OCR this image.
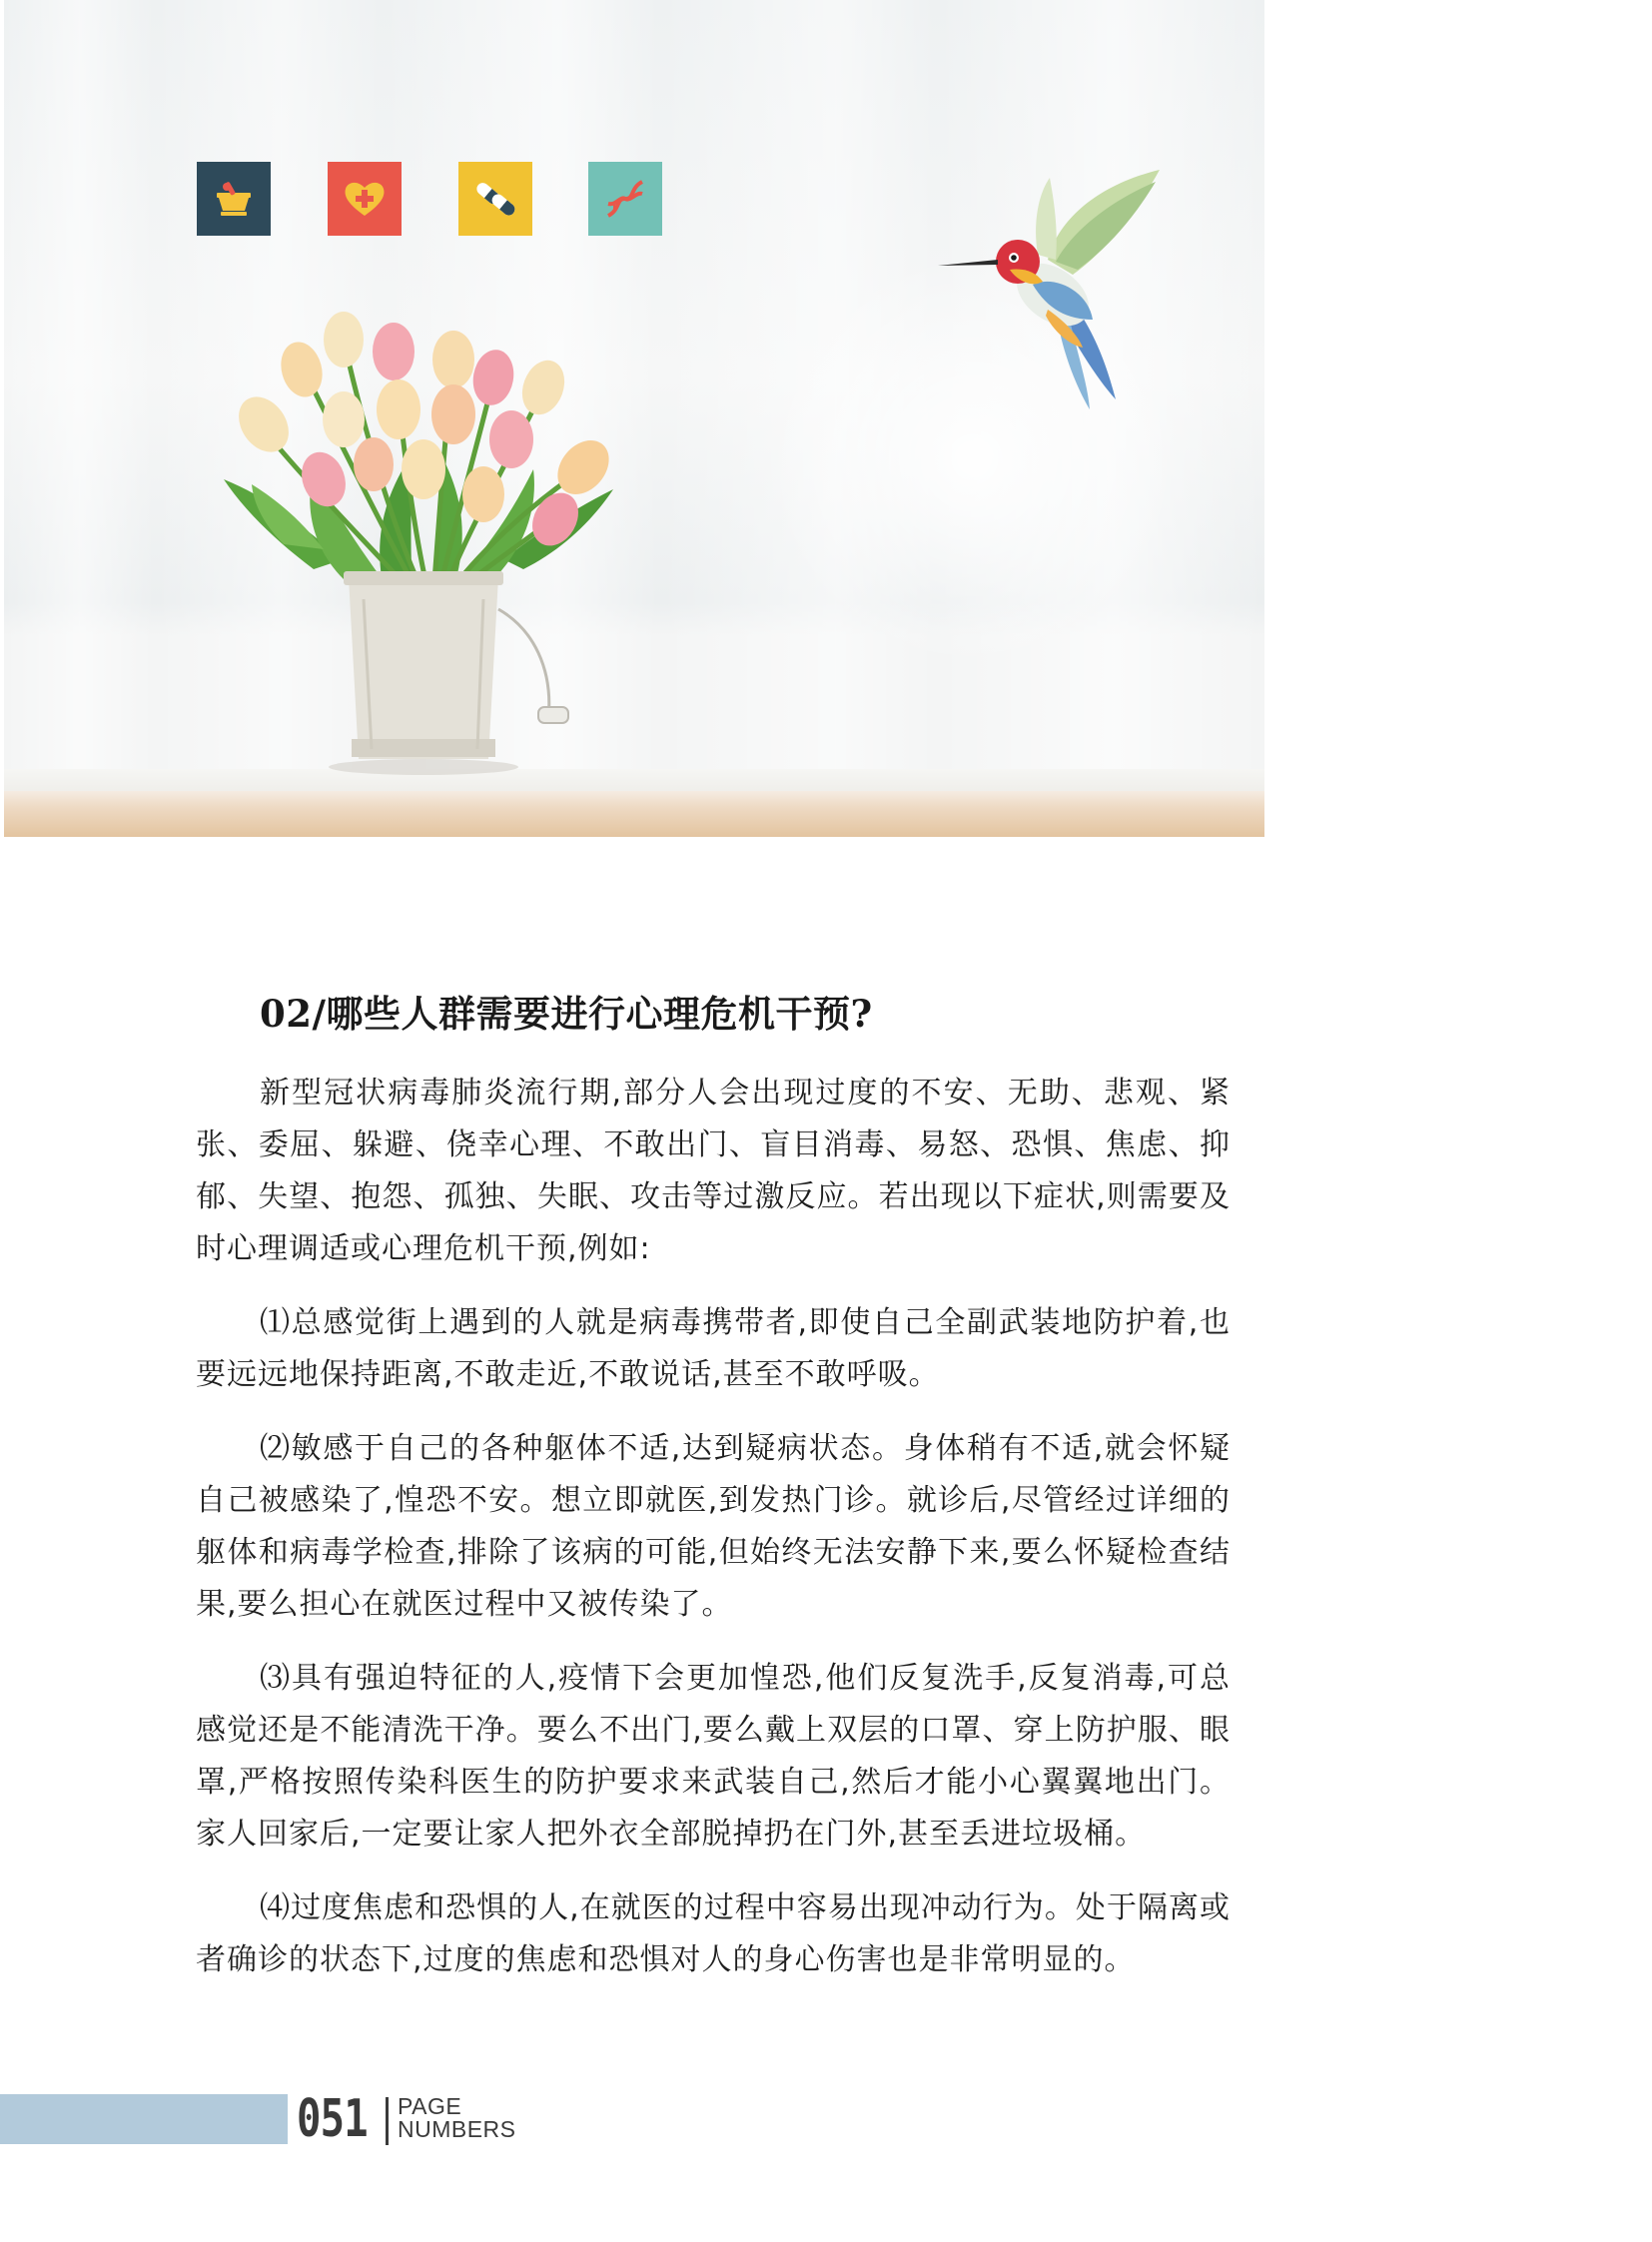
02/哪些人群需要进行心理危机干预?

新型冠状病毒肺炎流行期,部分人会出现过度的不安、无助、悲观、紧张、委屈、躲避、侥幸心理、不敢出门、盲目消毒、易怒、恐惧、焦虑、抑郁、失望、抱怨、孤独、失眠、攻击等过激反应。若出现以下症状,则需要及时心理调适或心理危机干预,例如:

⑴总感觉街上遇到的人就是病毒携带者,即使自己全副武装地防护着,也要远远地保持距离,不敢走近,不敢说话,甚至不敢呼吸。

⑵敏感于自己的各种躯体不适,达到疑病状态。身体稍有不适,就会怀疑自己被感染了,惶恐不安。想立即就医,到发热门诊。就诊后,尽管经过详细的躯体和病毒学检查,排除了该病的可能,但始终无法安静下来,要么怀疑检查结果,要么担心在就医过程中又被传染了。

⑶具有强迫特征的人,疫情下会更加惶恐,他们反复洗手,反复消毒,可总感觉还是不能清洗干净。要么不出门,要么戴上双层的口罩、穿上防护服、眼罩,严格按照传染科医生的防护要求来武装自己,然后才能小心翼翼地出门。家人回家后,一定要让家人把外衣全部脱掉扔在门外,甚至丢进垃圾桶。

⑷过度焦虑和恐惧的人,在就医的过程中容易出现冲动行为。处于隔离或者确诊的状态下,过度的焦虑和恐惧对人的身心伤害也是非常明显的。

051 PAGE
NUMBERS
